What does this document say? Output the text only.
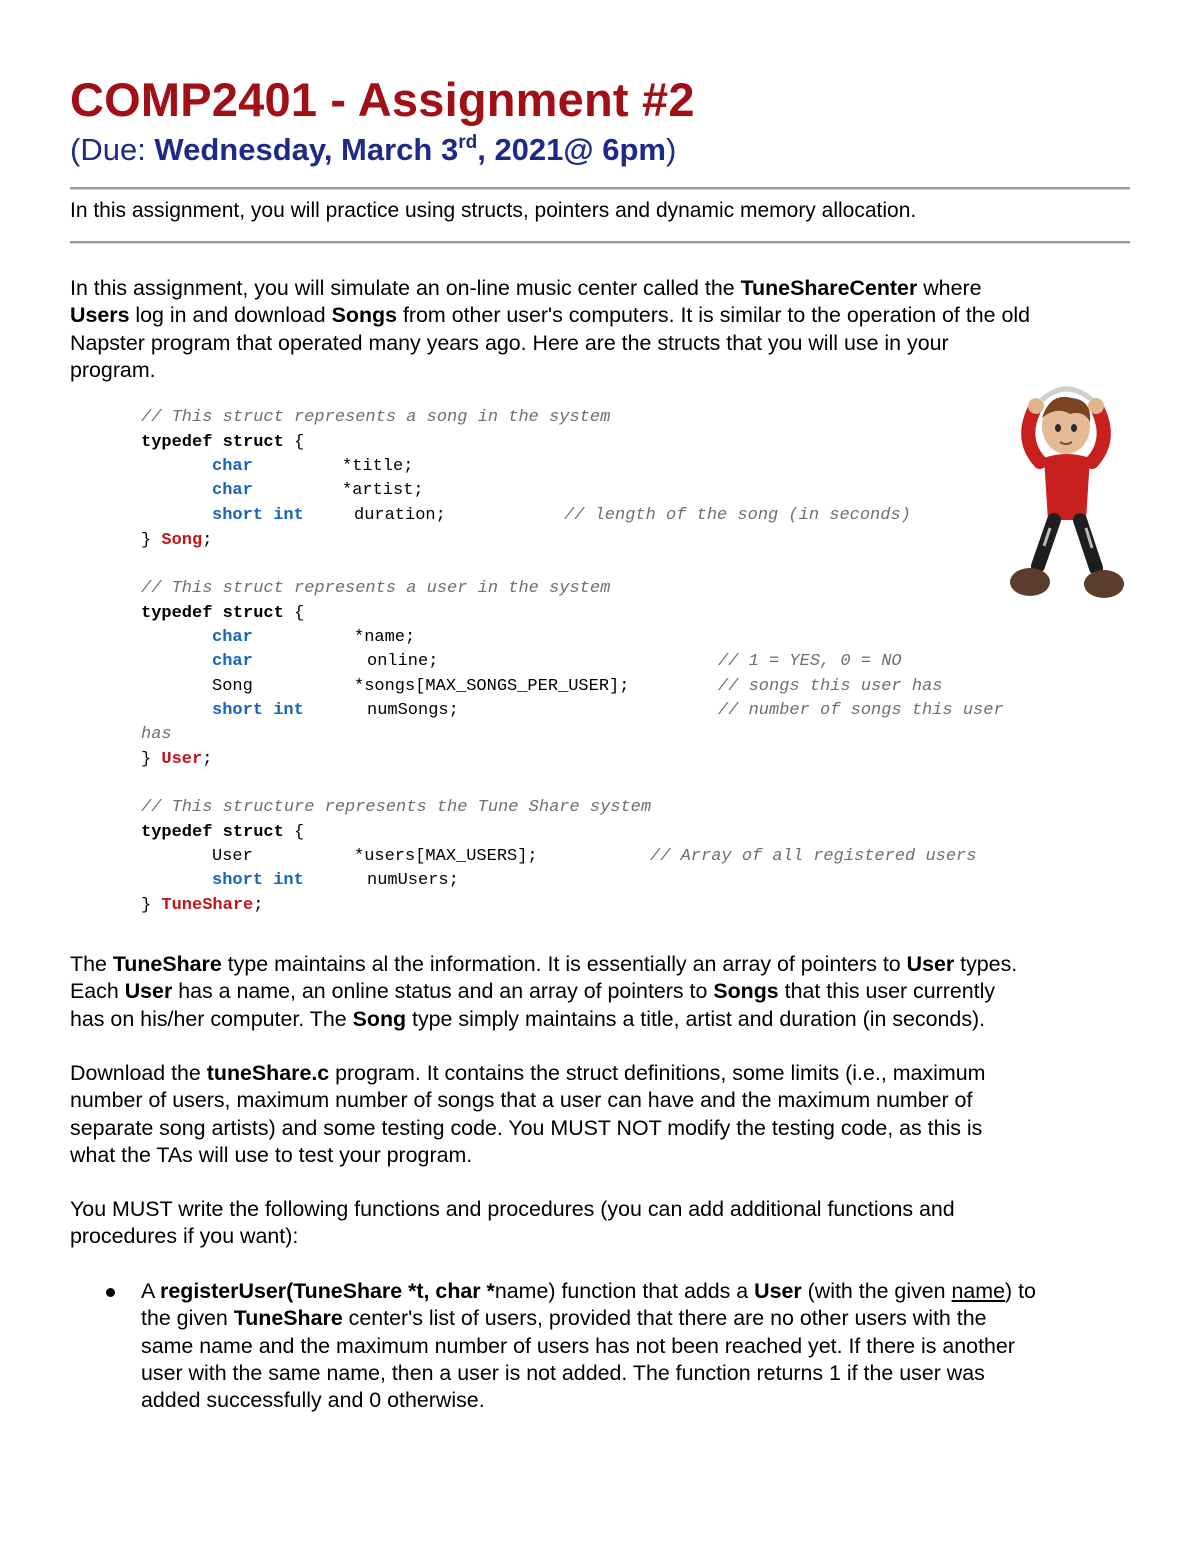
COMP2401 - Assignment #2
(Due: Wednesday, March 3rd, 2021@ 6pm)
In this assignment, you will practice using structs, pointers and dynamic memory allocation.
In this assignment, you will simulate an on-line music center called the TuneShareCenter where
Users log in and download Songs from other user's computers. It is similar to the operation of the old
Napster program that operated many years ago. Here are the structs that you will use in your
program.

// This struct represents a song in the system

typedef struct {

char	*title;

char	*artist;

short int	duration;	// length of the song (in seconds)

} Song;

// This struct represents a user in the system

typedef struct {

char	*name;

char	online;	// 1 = YES, 0 = NO

Song	*songs[MAX_SONGS_PER_USER];	// songs this user has

short int	numSongs;	// number of songs this user

has

} User;

// This structure represents the Tune Share system

typedef struct {

User	*users[MAX_USERS];	// Array of all registered users

short int	numUsers;

} TuneShare;

The TuneShare type maintains al the information. It is essentially an array of pointers to User types.
Each User has a name, an online status and an array of pointers to Songs that this user currently
has on his/her computer. The Song type simply maintains a title, artist and duration (in seconds).
Download the tuneShare.c program. It contains the struct definitions, some limits (i.e., maximum
number of users, maximum number of songs that a user can have and the maximum number of
separate song artists) and some testing code. You MUST NOT modify the testing code, as this is
what the TAs will use to test your program.
You MUST write the following functions and procedures (you can add additional functions and
procedures if you want):
A registerUser(TuneShare *t, char *name) function that adds a User (with the given name) to
the given TuneShare center's list of users, provided that there are no other users with the
same name and the maximum number of users has not been reached yet. If there is another
user with the same name, then a user is not added. The function returns 1 if the user was
added successfully and 0 otherwise.
